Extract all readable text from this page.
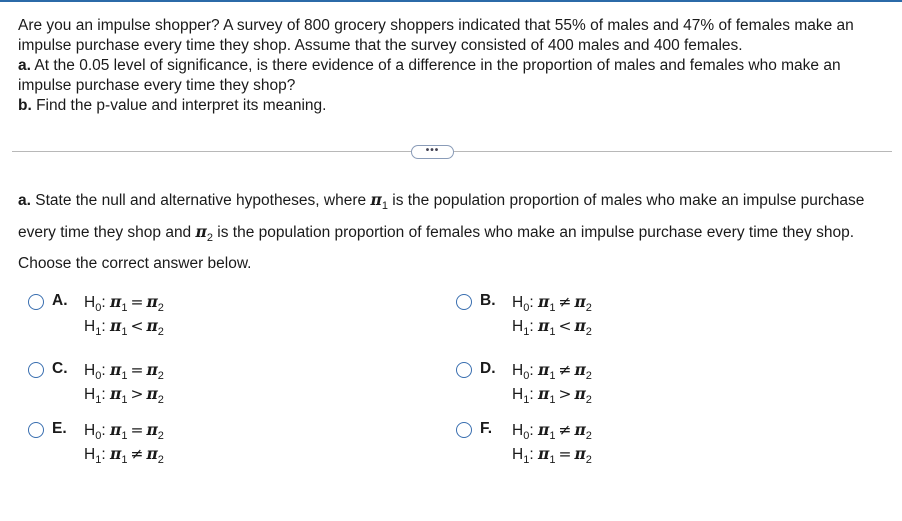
Are you an impulse shopper? A survey of 800 grocery shoppers indicated that 55% of males and 47% of females make an impulse purchase every time they shop. Assume that the survey consisted of 400 males and 400 females.

a. At the 0.05 level of significance, is there evidence of a difference in the proportion of males and females who make an impulse purchase every time they shop?

b. Find the p-value and interpret its meaning.

•••
a. State the null and alternative hypotheses, where $\pi_1$ is the population proportion of males who make an impulse purchase every time they shop and $\pi_2$ is the population proportion of females who make an impulse purchase every time they shop. Choose the correct answer below.
A. $H_0$: $\pi_1 = \pi_2$
$H_1$: $\pi_1 < \pi_2$
B. $H_0$: $\pi_1 \ne \pi_2$
$H_1$: $\pi_1 < \pi_2$
C. $H_0$: $\pi_1 = \pi_2$
$H_1$: $\pi_1 > \pi_2$
D. $H_0$: $\pi_1 \ne \pi_2$
$H_1$: $\pi_1 > \pi_2$
E. $H_0$: $\pi_1 = \pi_2$
$H_1$: $\pi_1 \ne \pi_2$
F. $H_0$: $\pi_1 \ne \pi_2$
$H_1$: $\pi_1 = \pi_2$
